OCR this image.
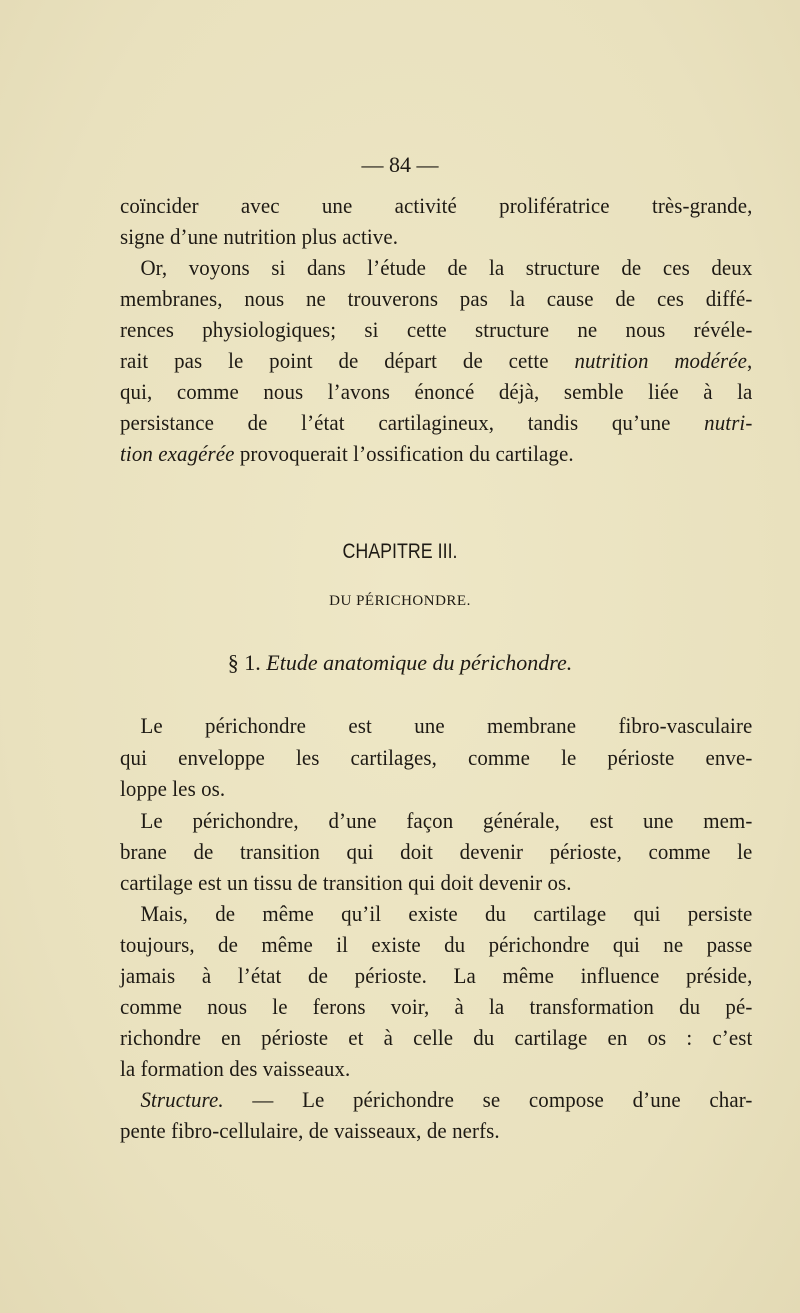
— 84 —
coïncider avec une activité prolifératrice très-grande,
signe d’une nutrition plus active.
Or, voyons si dans l’étude de la structure de ces deux
membranes, nous ne trouverons pas la cause de ces diffé-
rences physiologiques; si cette structure ne nous révéle-
rait pas le point de départ de cette nutrition modérée,
qui, comme nous l’avons énoncé déjà, semble liée à la
persistance de l’état cartilagineux, tandis qu’une nutri-
tion exagérée provoquerait l’ossification du cartilage.
CHAPITRE III.
DU PÉRICHONDRE.
§ 1. Etude anatomique du périchondre.
Le périchondre est une membrane fibro-vasculaire
qui enveloppe les cartilages, comme le périoste enve-
loppe les os.
Le périchondre, d’une façon générale, est une mem-
brane de transition qui doit devenir périoste, comme le
cartilage est un tissu de transition qui doit devenir os.
Mais, de même qu’il existe du cartilage qui persiste
toujours, de même il existe du périchondre qui ne passe
jamais à l’état de périoste. La même influence préside,
comme nous le ferons voir, à la transformation du pé-
richondre en périoste et à celle du cartilage en os : c’est
la formation des vaisseaux.
Structure. — Le périchondre se compose d’une char-
pente fibro-cellulaire, de vaisseaux, de nerfs.
